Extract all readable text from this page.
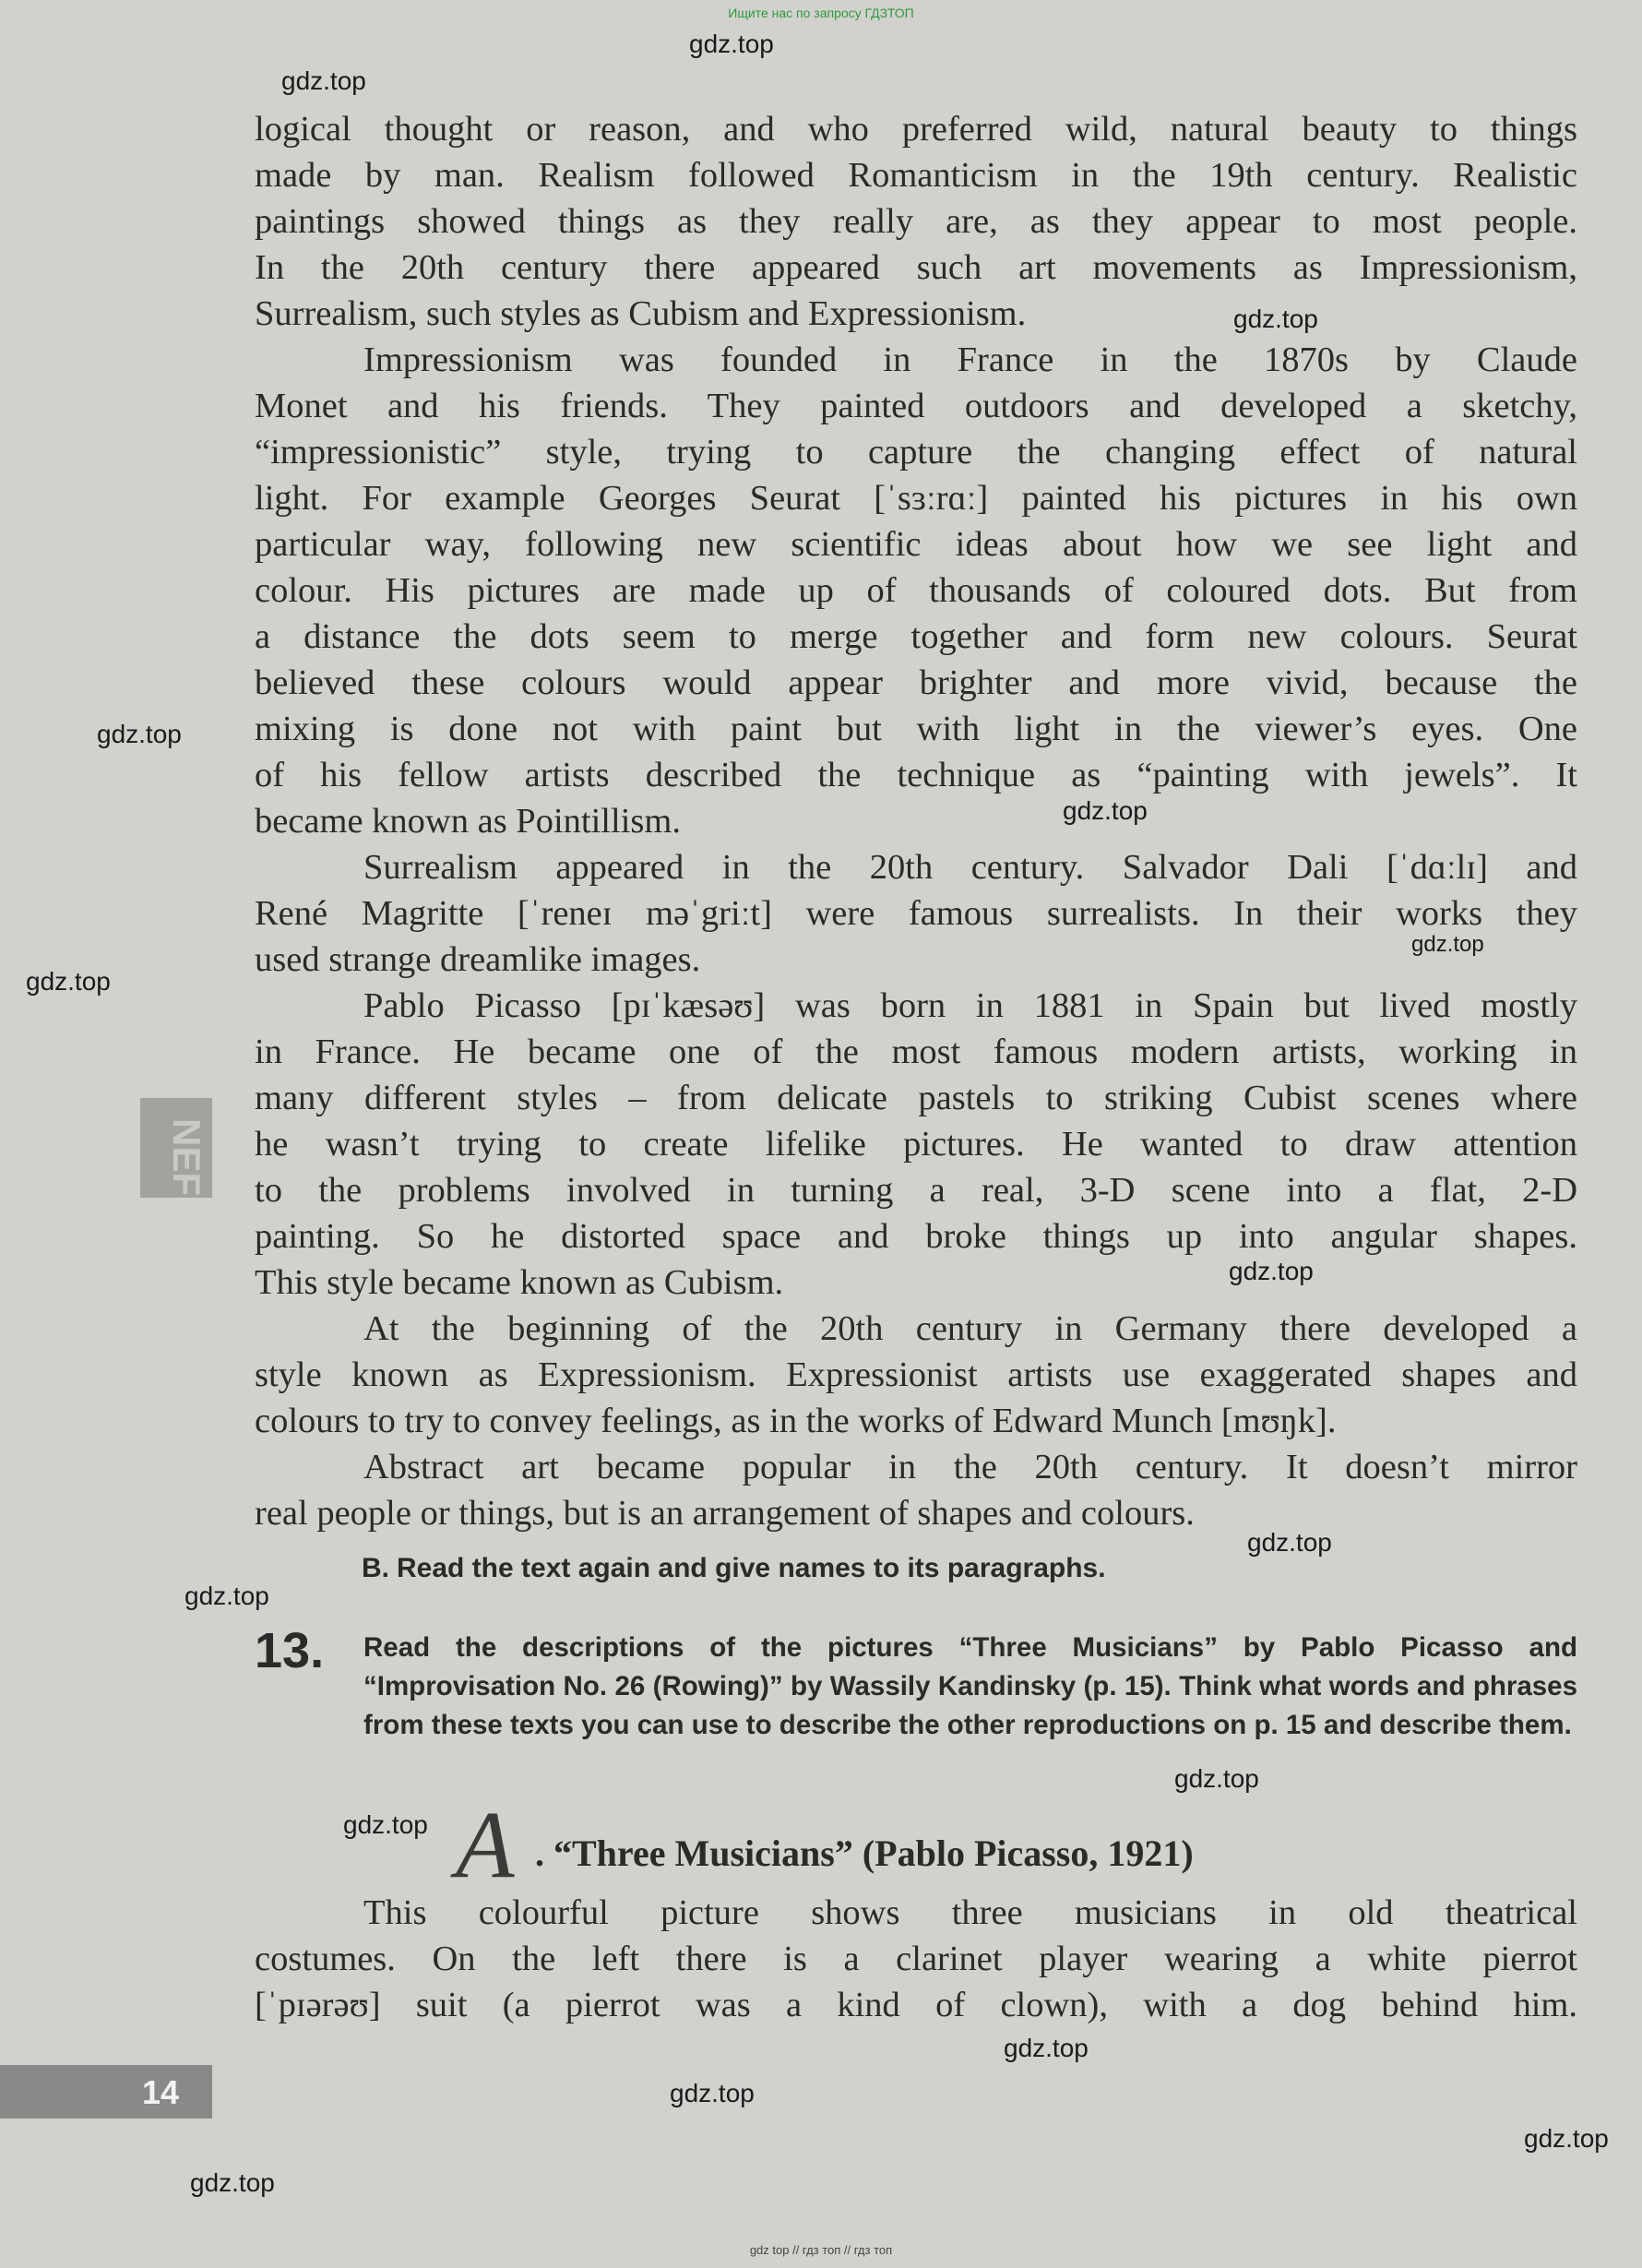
Ищите нас по запросу ГДЗТОП
NEF
logical thought or reason, and who preferred wild, natural beauty to things
made by man. Realism followed Romanticism in the 19th century. Realistic
paintings showed things as they really are, as they appear to most people.
In the 20th century there appeared such art movements as Impressionism,
Surrealism, such styles as Cubism and Expressionism.
Impressionism was founded in France in the 1870s by Claude
Monet and his friends. They painted outdoors and developed a sketchy,
“impressionistic” style, trying to capture the changing effect of natural
light. For example Georges Seurat [ˈsɜːrɑː] painted his pictures in his own
particular way, following new scientific ideas about how we see light and
colour. His pictures are made up of thousands of coloured dots. But from
a distance the dots seem to merge together and form new colours. Seurat
believed these colours would appear brighter and more vivid, because the
mixing is done not with paint but with light in the viewer’s eyes. One
of his fellow artists described the technique as “painting with jewels”. It
became known as Pointillism.
Surrealism appeared in the 20th century. Salvador Dali [ˈdɑːlɪ] and
René Magritte [ˈreneɪ məˈgriːt] were famous surrealists. In their works they
used strange dreamlike images.
Pablo Picasso [pɪˈkæsəʊ] was born in 1881 in Spain but lived mostly
in France. He became one of the most famous modern artists, working in
many different styles – from delicate pastels to striking Cubist scenes where
he wasn’t trying to create lifelike pictures. He wanted to draw attention
to the problems involved in turning a real, 3-D scene into a flat, 2-D
painting. So he distorted space and broke things up into angular shapes.
This style became known as Cubism.
At the beginning of the 20th century in Germany there developed a
style known as Expressionism. Expressionist artists use exaggerated shapes and
colours to try to convey feelings, as in the works of Edward Munch [mʊŋk].
Abstract art became popular in the 20th century. It doesn’t mirror
real people or things, but is an arrangement of shapes and colours.
B. Read the text again and give names to its paragraphs.
13. Read the descriptions of the pictures “Three Musicians” by Pablo Picasso and “Improvisation No. 26 (Rowing)” by Wassily Kandinsky (p. 15). Think what words and phrases from these texts you can use to describe the other reproductions on p. 15 and describe them.
A . “Three Musicians” (Pablo Picasso, 1921)
This colourful picture shows three musicians in old theatrical
costumes. On the left there is a clarinet player wearing a white pierrot
[ˈpɪərəʊ] suit (a pierrot was a kind of clown), with a dog behind him.
14
gdz.top
gdz.top
gdz.top
gdz.top
gdz.top
gdz.top
gdz.top
gdz.top
gdz.top
gdz.top
gdz.top
gdz.top
gdz.top
gdz.top
gdz.top
gdz.top
gdz top // гдз топ // гдз топ
